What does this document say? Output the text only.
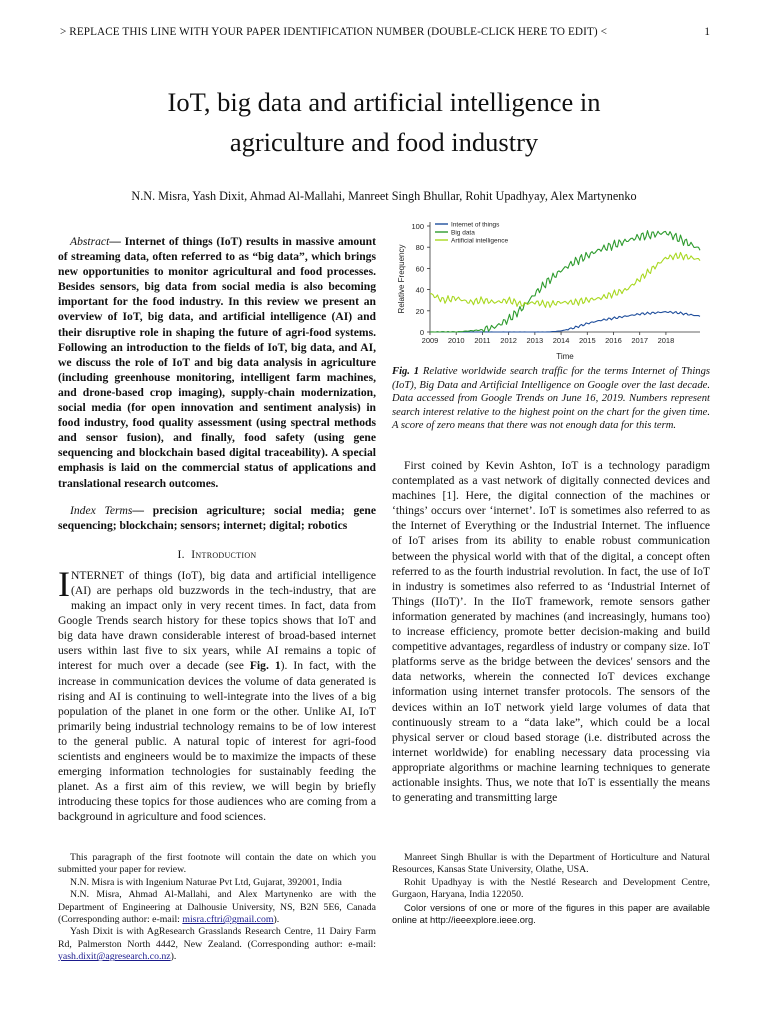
> REPLACE THIS LINE WITH YOUR PAPER IDENTIFICATION NUMBER (DOUBLE-CLICK HERE TO EDIT) <	1
IoT, big data and artificial intelligence in
agriculture and food industry
N.N. Misra, Yash Dixit, Ahmad Al-Mallahi, Manreet Singh Bhullar, Rohit Upadhyay, Alex Martynenko

Abstract— Internet of things (IoT) results in massive amount of streaming data, often referred to as “big data”, which brings new opportunities to monitor agricultural and food processes. Besides sensors, big data from social media is also becoming important for the food industry. In this review we present an overview of IoT, big data, and artificial intelligence (AI) and their disruptive role in shaping the future of agri-food systems. Following an introduction to the fields of IoT, big data, and AI, we discuss the role of IoT and big data analysis in agriculture (including greenhouse monitoring, intelligent farm machines, and drone-based crop imaging), supply-chain modernization, social media (for open innovation and sentiment analysis) in food industry, food quality assessment (using spectral methods and sensor fusion), and finally, food safety (using gene sequencing and blockchain based digital traceability). A special emphasis is laid on the commercial status of applications and translational research outcomes.

Index Terms— precision agriculture; social media; gene sequencing; blockchain; sensors; internet; digital; robotics

I. Introduction

INTERNET of things (IoT), big data and artificial intelligence (AI) are perhaps old buzzwords in the tech-industry, that are making an impact only in very recent times. In fact, data from Google Trends search history for these topics shows that IoT and big data have drawn considerable interest of broad-based internet users within last five to six years, while AI remains a topic of interest for much over a decade (see Fig. 1). In fact, with the increase in communication devices the volume of data generated is rising and AI is continuing to well-integrate into the lives of a big population of the planet in one form or the other. Unlike AI, IoT primarily being industrial technology remains to be of low interest to the general public. A natural topic of interest for agri-food scientists and engineers would be to maximize the impacts of these emerging information technologies for sustainably feeding the planet. As a first aim of this review, we will begin by briefly introducing these topics for those audiences who are coming from a background in agriculture and food sciences.

0
20
40
60
80
100
2009 2010 2011 2012 2013 2014 2015 2016 2017 2018
Time
Relative Frequency
Internet of things
Big data
Artificial intelligence
Fig. 1 Relative worldwide search traffic for the terms Internet of Things (IoT), Big Data and Artificial Intelligence on Google over the last decade. Data accessed from Google Trends on June 16, 2019. Numbers represent search interest relative to the highest point on the chart for the given time. A score of zero means that there was not enough data for this term.

First coined by Kevin Ashton, IoT is a technology paradigm contemplated as a vast network of digitally connected devices and machines [1]. Here, the digital connection of the machines or ‘things’ occurs over ‘internet’. IoT is sometimes also referred to as the Internet of Everything or the Industrial Internet. The influence of IoT arises from its ability to enable robust communication between the physical world with that of the digital, a concept often referred to as the fourth industrial revolution. In fact, the use of IoT in industry is sometimes also referred to as ‘Industrial Internet of Things (IIoT)’. In the IIoT framework, remote sensors gather information generated by machines (and increasingly, humans too) to increase efficiency, promote better decision-making and build competitive advantages, regardless of industry or company size. IoT platforms serve as the bridge between the devices' sensors and the data networks, wherein the connected IoT devices exchange information using internet transfer protocols. The sensors of the devices within an IoT network yield large volumes of data that continuously stream to a “data lake”, which could be a local physical server or cloud based storage (i.e. distributed across the internet worldwide) for enabling necessary data processing via appropriate algorithms or machine learning techniques to generate actionable insights. Thus, we note that IoT is essentially the means to generating and transmitting large

This paragraph of the first footnote will contain the date on which you submitted your paper for review.

N.N. Misra is with Ingenium Naturae Pvt Ltd, Gujarat, 392001, India

N.N. Misra, Ahmad Al-Mallahi, and Alex Martynenko are with the Department of Engineering at Dalhousie University, NS, B2N 5E6, Canada (Corresponding author: e-mail: misra.cftri@gmail.com).

Yash Dixit is with AgResearch Grasslands Research Centre, 11 Dairy Farm Rd, Palmerston North 4442, New Zealand. (Corresponding author: e-mail: yash.dixit@agresearch.co.nz).

Manreet Singh Bhullar is with the Department of Horticulture and Natural Resources, Kansas State University, Olathe, USA.

Rohit Upadhyay is with the Nestlé Research and Development Centre, Gurgaon, Haryana, India 122050.

Color versions of one or more of the figures in this paper are available online at http://ieeexplore.ieee.org.
